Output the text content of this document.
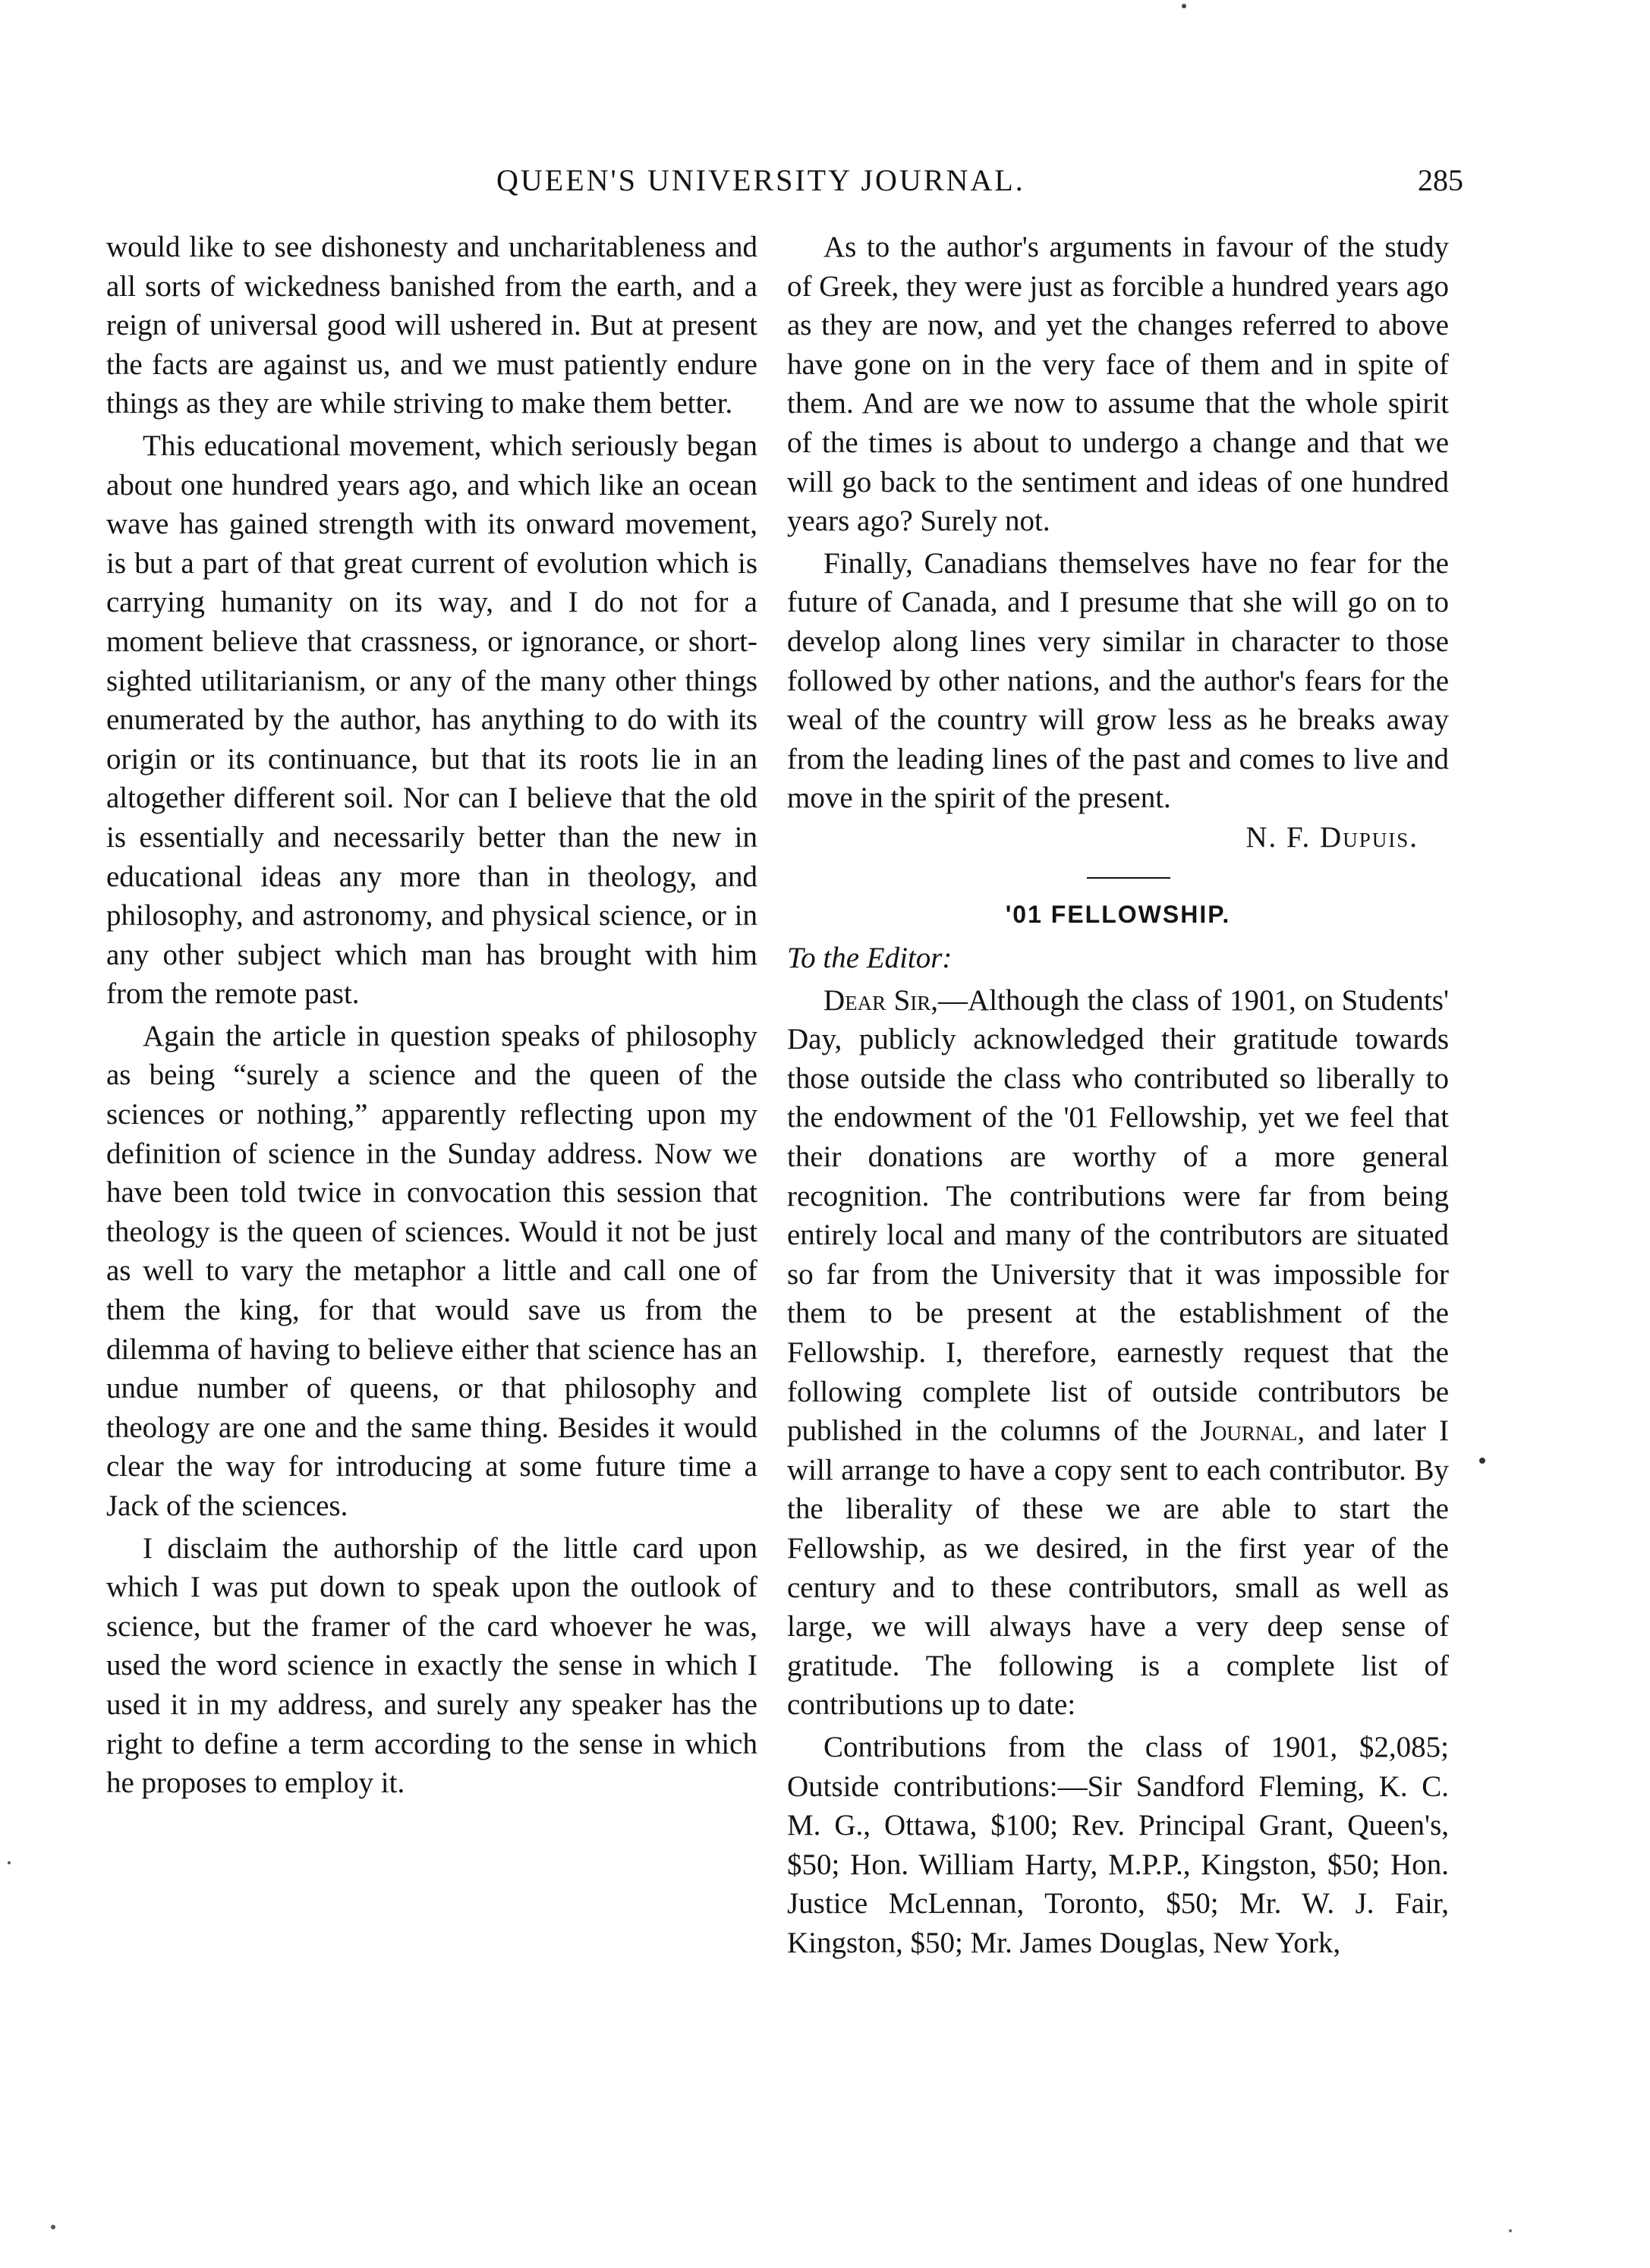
QUEEN'S UNIVERSITY JOURNAL.	285

would like to see dishonesty and uncharitableness and all sorts of wickedness banished from the earth, and a reign of universal good will ushered in. But at present the facts are against us, and we must patiently endure things as they are while striving to make them better.

This educational movement, which seriously began about one hundred years ago, and which like an ocean wave has gained strength with its onward movement, is but a part of that great current of evolution which is carrying humanity on its way, and I do not for a moment believe that crassness, or ignorance, or short-sighted utilitarianism, or any of the many other things enumerated by the author, has anything to do with its origin or its continuance, but that its roots lie in an altogether different soil. Nor can I believe that the old is essentially and necessarily better than the new in educational ideas any more than in theology, and philosophy, and astronomy, and physical science, or in any other subject which man has brought with him from the remote past.

Again the article in question speaks of philosophy as being “surely a science and the queen of the sciences or nothing,” apparently reflecting upon my definition of science in the Sunday address. Now we have been told twice in convocation this session that theology is the queen of sciences. Would it not be just as well to vary the metaphor a little and call one of them the king, for that would save us from the dilemma of having to believe either that science has an undue number of queens, or that philosophy and theology are one and the same thing. Besides it would clear the way for introducing at some future time a Jack of the sciences.

I disclaim the authorship of the little card upon which I was put down to speak upon the outlook of science, but the framer of the card whoever he was, used the word science in exactly the sense in which I used it in my address, and surely any speaker has the right to define a term according to the sense in which he proposes to employ it.

As to the author's arguments in favour of the study of Greek, they were just as forcible a hundred years ago as they are now, and yet the changes referred to above have gone on in the very face of them and in spite of them. And are we now to assume that the whole spirit of the times is about to undergo a change and that we will go back to the sentiment and ideas of one hundred years ago? Surely not.

Finally, Canadians themselves have no fear for the future of Canada, and I presume that she will go on to develop along lines very similar in character to those followed by other nations, and the author's fears for the weal of the country will grow less as he breaks away from the leading lines of the past and comes to live and move in the spirit of the present.

N. F. Dupuis.
'01 FELLOWSHIP.

To the Editor:

Dear Sir,—Although the class of 1901, on Students' Day, publicly acknowledged their gratitude towards those outside the class who contributed so liberally to the endowment of the '01 Fellowship, yet we feel that their donations are worthy of a more general recognition. The contributions were far from being entirely local and many of the contributors are situated so far from the University that it was impossible for them to be present at the establishment of the Fellowship. I, therefore, earnestly request that the following complete list of outside contributors be published in the columns of the Journal, and later I will arrange to have a copy sent to each contributor. By the liberality of these we are able to start the Fellowship, as we desired, in the first year of the century and to these contributors, small as well as large, we will always have a very deep sense of gratitude. The following is a complete list of contributions up to date:

Contributions from the class of 1901, $2,085; Outside contributions:—Sir Sandford Fleming, K. C. M. G., Ottawa, $100; Rev. Principal Grant, Queen's, $50; Hon. William Harty, M.P.P., Kingston, $50; Hon. Justice McLennan, Toronto, $50; Mr. W. J. Fair, Kingston, $50; Mr. James Douglas, New York,
